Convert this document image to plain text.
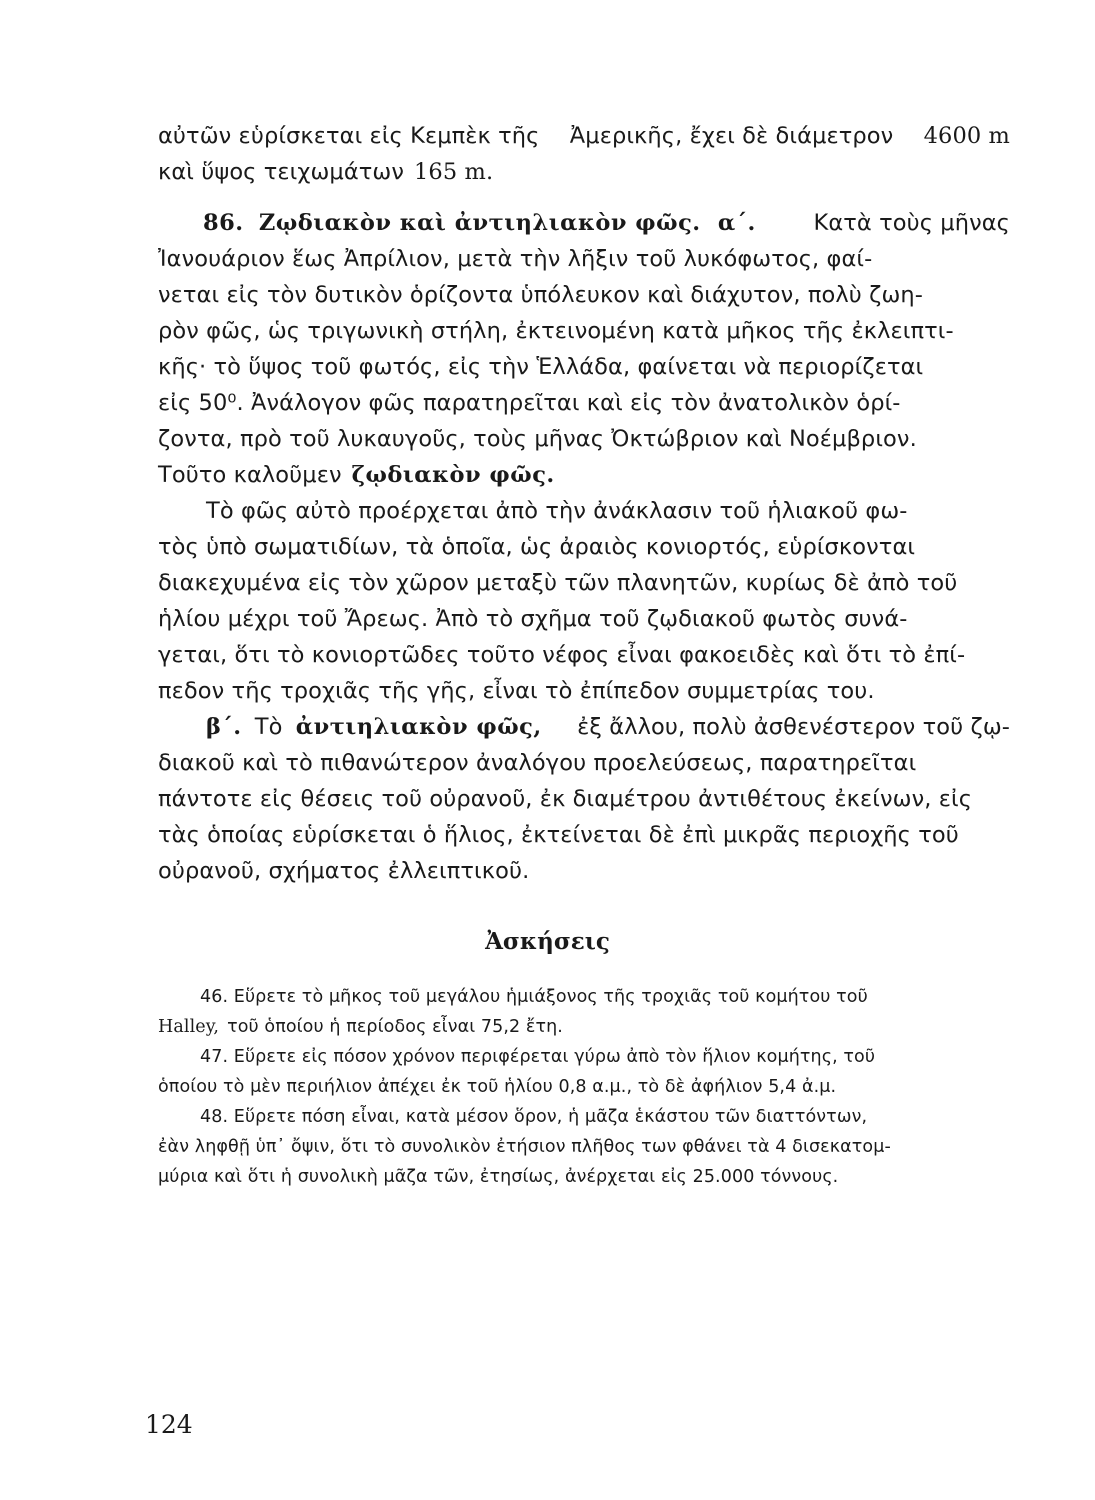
αὐτῶν εὑρίσκεται εἰς Κεμπὲκ τῆς Ἀμερικῆς, ἔχει δὲ διάμετρον 4600 m
καὶ ὕψος τειχωμάτων 165 m.
86. Ζῳδιακὸν καὶ ἀντιηλιακὸν φῶς. α΄.	Κατὰ τοὺς μῆνας
Ἰανουάριον ἕως Ἀπρίλιον, μετὰ τὴν λῆξιν τοῦ λυκόφωτος, φαί-
νεται εἰς τὸν δυτικὸν ὁρίζοντα ὑπόλευκον καὶ διάχυτον, πολὺ ζωη-
ρὸν φῶς, ὡς τριγωνικὴ στήλη, ἐκτεινομένη κατὰ μῆκος τῆς ἐκλειπτι-
κῆς· τὸ ὕψος τοῦ φωτός, εἰς τὴν Ἑλλάδα, φαίνεται νὰ περιορίζεται
εἰς 50⁰. Ἀνάλογον φῶς παρατηρεῖται καὶ εἰς τὸν ἀνατολικὸν ὁρί-
ζοντα, πρὸ τοῦ λυκαυγοῦς, τοὺς μῆνας Ὀκτώβριον καὶ Νοέμβριον.
Τοῦτο καλοῦμεν ζῳδιακὸν φῶς.
Τὸ φῶς αὐτὸ προέρχεται ἀπὸ τὴν ἀνάκλασιν τοῦ ἡλιακοῦ φω-
τὸς ὑπὸ σωματιδίων, τὰ ὁποῖα, ὡς ἀραιὸς κονιορτός, εὑρίσκονται
διακεχυμένα εἰς τὸν χῶρον μεταξὺ τῶν πλανητῶν, κυρίως δὲ ἀπὸ τοῦ
ἡλίου μέχρι τοῦ Ἄρεως. Ἀπὸ τὸ σχῆμα τοῦ ζῳδιακοῦ φωτὸς συνά-
γεται, ὅτι τὸ κονιορτῶδες τοῦτο νέφος εἶναι φακοειδὲς καὶ ὅτι τὸ ἐπί-
πεδον τῆς τροχιᾶς τῆς γῆς, εἶναι τὸ ἐπίπεδον συμμετρίας του.
β΄. Τὸ ἀντιηλιακὸν φῶς, ἐξ ἄλλου, πολὺ ἀσθενέστερον τοῦ ζῳ-
διακοῦ καὶ τὸ πιθανώτερον ἀναλόγου προελεύσεως, παρατηρεῖται
πάντοτε εἰς θέσεις τοῦ οὐρανοῦ, ἐκ διαμέτρου ἀντιθέτους ἐκείνων, εἰς
τὰς ὁποίας εὑρίσκεται ὁ ἥλιος, ἐκτείνεται δὲ ἐπὶ μικρᾶς περιοχῆς τοῦ
οὐρανοῦ, σχήματος ἐλλειπτικοῦ.
Ἀσκήσεις
46. Εὕρετε τὸ μῆκος τοῦ μεγάλου ἡμιάξονος τῆς τροχιᾶς τοῦ κομήτου τοῦ
Halley, τοῦ ὁποίου ἡ περίοδος εἶναι 75,2 ἔτη.
47. Εὕρετε εἰς πόσον χρόνον περιφέρεται γύρω ἀπὸ τὸν ἥλιον κομήτης, τοῦ
ὁποίου τὸ μὲν περιήλιον ἀπέχει ἐκ τοῦ ἡλίου 0,8 α.μ., τὸ δὲ ἀφήλιον 5,4 ἀ.μ.
48. Εὕρετε πόση εἶναι, κατὰ μέσον ὅρον, ἡ μᾶζα ἑκάστου τῶν διαττόντων,
ἐὰν ληφθῇ ὑπ᾽ ὄψιν, ὅτι τὸ συνολικὸν ἐτήσιον πλῆθος των φθάνει τὰ 4 δισεκατομ-
μύρια καὶ ὅτι ἡ συνολικὴ μᾶζα τῶν, ἐτησίως, ἀνέρχεται εἰς 25.000 τόννους.
124
